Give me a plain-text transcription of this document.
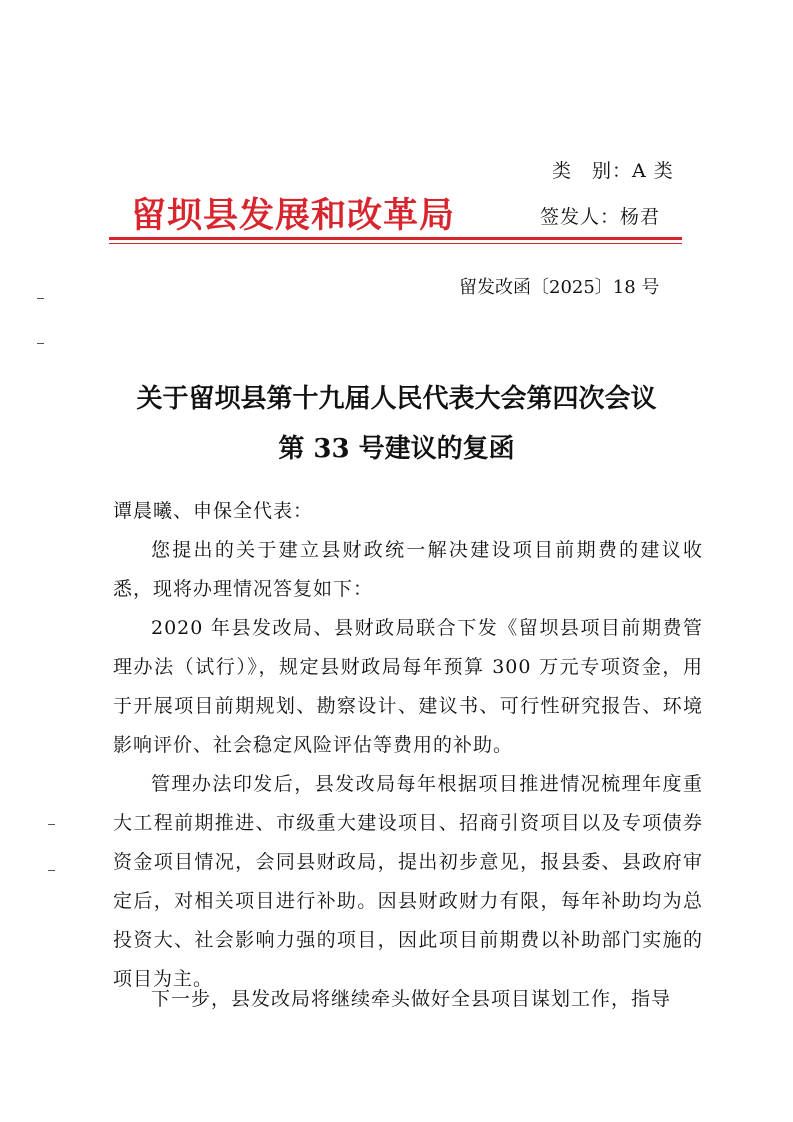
类　别：A 类
留坝县发展和改革局	签发人：杨君
留发改函〔2025〕18 号
关于留坝县第十九届人民代表大会第四次会议
第 33 号建议的复函
谭晨曦、申保全代表：

您提出的关于建立县财政统一解决建设项目前期费的建议收悉，现将办理情况答复如下：

2020 年县发改局、县财政局联合下发《留坝县项目前期费管理办法（试行）》，规定县财政局每年预算 300 万元专项资金，用于开展项目前期规划、勘察设计、建议书、可行性研究报告、环境影响评价、社会稳定风险评估等费用的补助。

管理办法印发后，县发改局每年根据项目推进情况梳理年度重大工程前期推进、市级重大建设项目、招商引资项目以及专项债券资金项目情况，会同县财政局，提出初步意见，报县委、县政府审定后，对相关项目进行补助。因县财政财力有限，每年补助均为总投资大、社会影响力强的项目，因此项目前期费以补助部门实施的项目为主。

下一步，县发改局将继续牵头做好全县项目谋划工作，指导
